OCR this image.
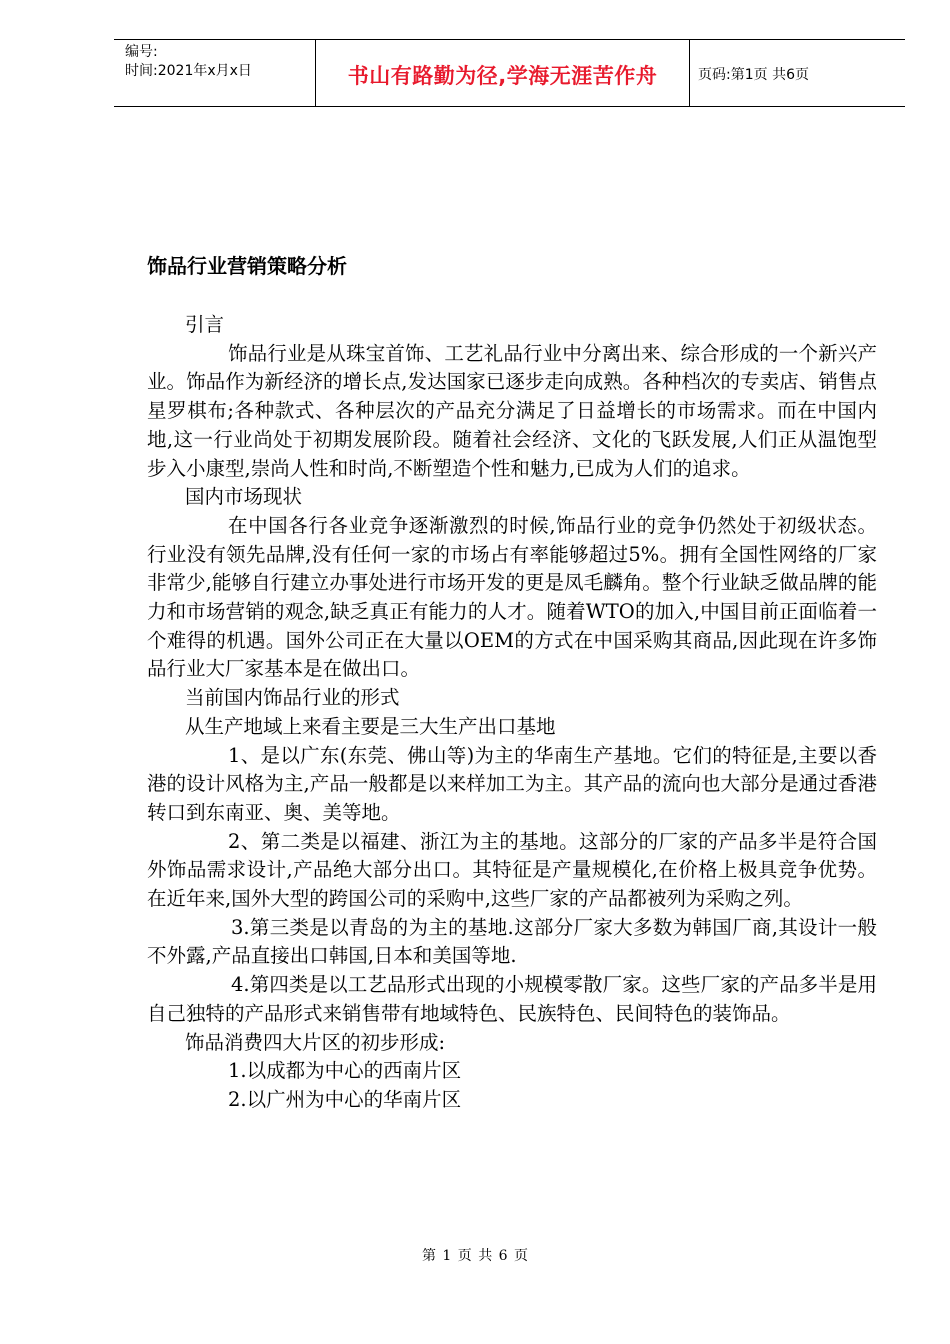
编号:
时间:2021年x月x日	书山有路勤为径,学海无涯苦作舟	页码:第1页 共6页
饰品行业营销策略分析

引言

饰品行业是从珠宝首饰、工艺礼品行业中分离出来、综合形成的一个新兴产业。饰品作为新经济的增长点,发达国家已逐步走向成熟。各种档次的专卖店、销售点星罗棋布;各种款式、各种层次的产品充分满足了日益增长的市场需求。而在中国内地,这一行业尚处于初期发展阶段。随着社会经济、文化的飞跃发展,人们正从温饱型步入小康型,崇尚人性和时尚,不断塑造个性和魅力,已成为人们的追求。

国内市场现状

在中国各行各业竞争逐渐激烈的时候,饰品行业的竞争仍然处于初级状态。行业没有领先品牌,没有任何一家的市场占有率能够超过5%。拥有全国性网络的厂家非常少,能够自行建立办事处进行市场开发的更是凤毛麟角。整个行业缺乏做品牌的能力和市场营销的观念,缺乏真正有能力的人才。随着WTO的加入,中国目前正面临着一个难得的机遇。国外公司正在大量以OEM的方式在中国采购其商品,因此现在许多饰品行业大厂家基本是在做出口。

当前国内饰品行业的形式

从生产地域上来看主要是三大生产出口基地

1、是以广东(东莞、佛山等)为主的华南生产基地。它们的特征是,主要以香港的设计风格为主,产品一般都是以来样加工为主。其产品的流向也大部分是通过香港转口到东南亚、奥、美等地。

2、第二类是以福建、浙江为主的基地。这部分的厂家的产品多半是符合国外饰品需求设计,产品绝大部分出口。其特征是产量规模化,在价格上极具竞争优势。在近年来,国外大型的跨国公司的采购中,这些厂家的产品都被列为采购之列。

3.第三类是以青岛的为主的基地.这部分厂家大多数为韩国厂商,其设计一般不外露,产品直接出口韩国,日本和美国等地.

4.第四类是以工艺品形式出现的小规模零散厂家。这些厂家的产品多半是用自己独特的产品形式来销售带有地域特色、民族特色、民间特色的装饰品。

饰品消费四大片区的初步形成:

1.以成都为中心的西南片区

2.以广州为中心的华南片区

第 1 页 共 6 页
